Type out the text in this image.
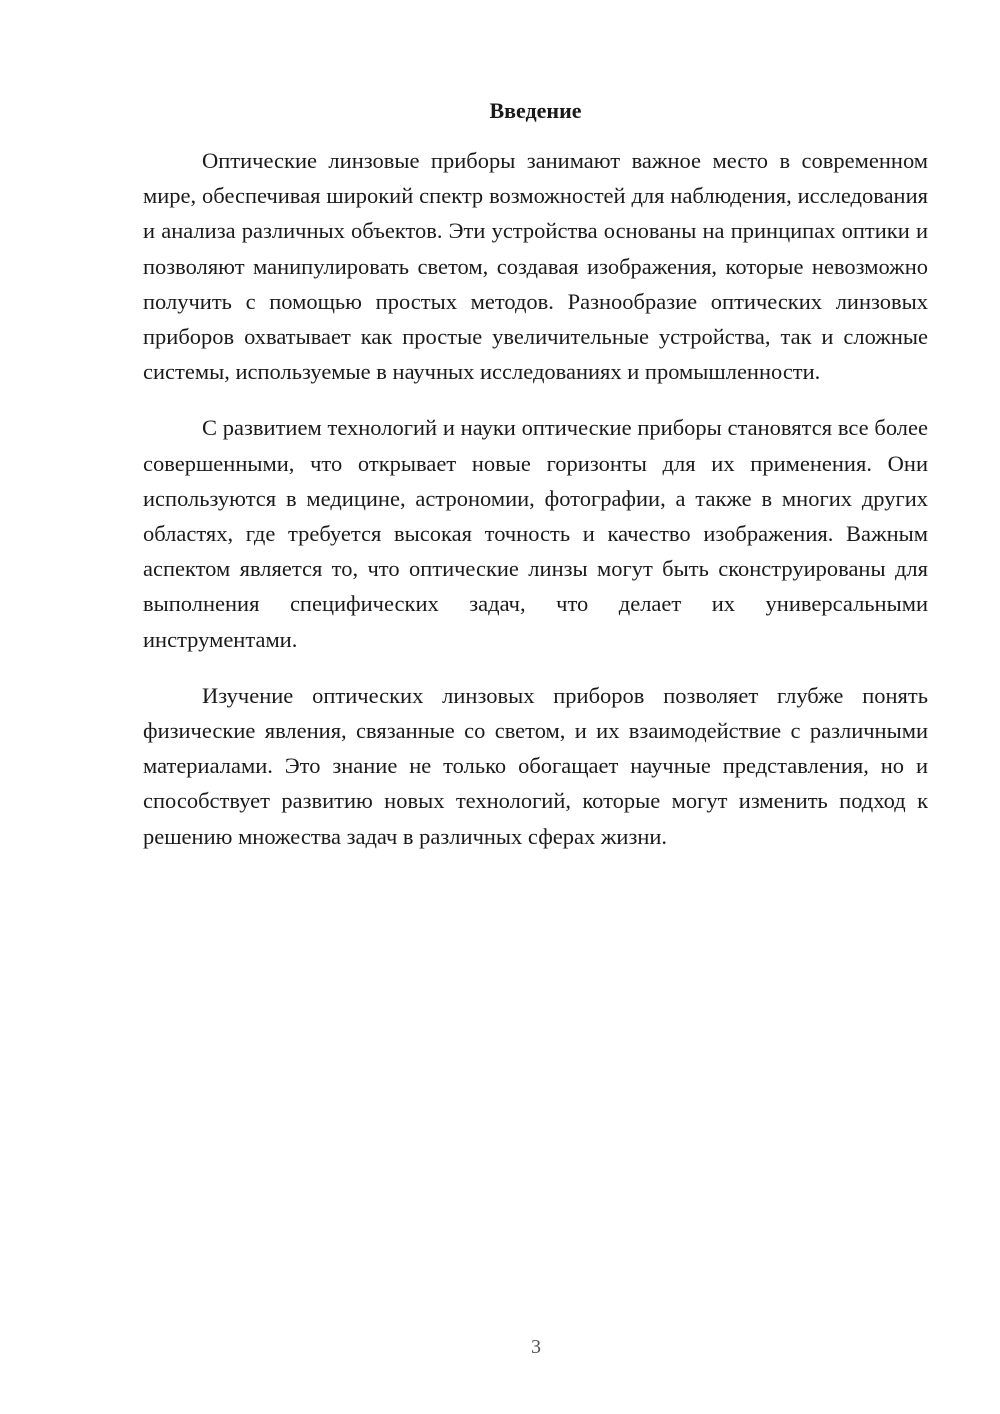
Введение

Оптические линзовые приборы занимают важное место в современном мире, обеспечивая широкий спектр возможностей для наблюдения, исследования и анализа различных объектов. Эти устройства основаны на принципах оптики и позволяют манипулировать светом, создавая изображения, которые невозможно получить с помощью простых методов. Разнообразие оптических линзовых приборов охватывает как простые увеличительные устройства, так и сложные системы, используемые в научных исследованиях и промышленности.

С развитием технологий и науки оптические приборы становятся все более совершенными, что открывает новые горизонты для их применения. Они используются в медицине, астрономии, фотографии, а также в многих других областях, где требуется высокая точность и качество изображения. Важным аспектом является то, что оптические линзы могут быть сконструированы для выполнения специфических задач, что делает их универсальными инструментами.

Изучение оптических линзовых приборов позволяет глубже понять физические явления, связанные со светом, и их взаимодействие с различными материалами. Это знание не только обогащает научные представления, но и способствует развитию новых технологий, которые могут изменить подход к решению множества задач в различных сферах жизни.

3
